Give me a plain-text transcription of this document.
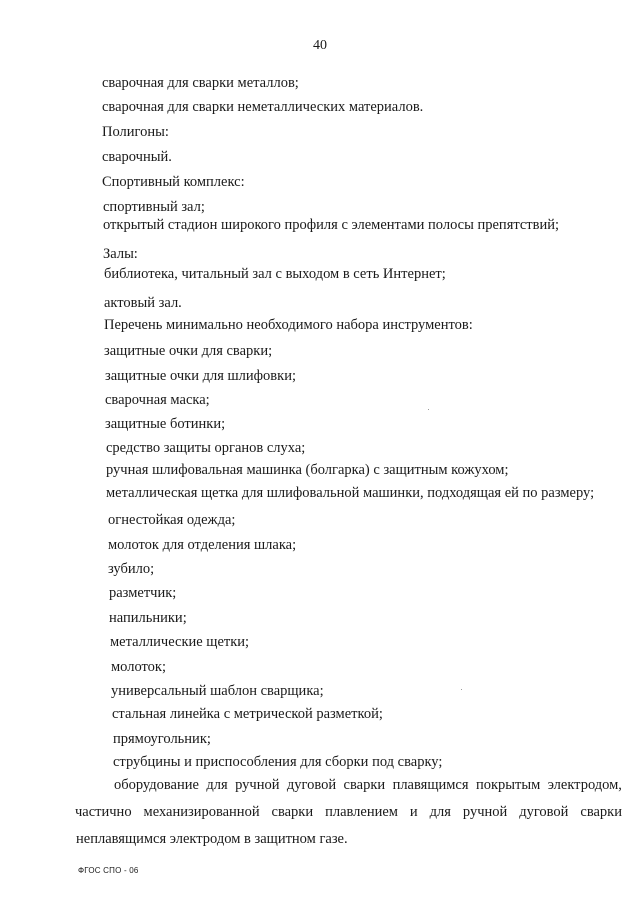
40
сварочная для сварки металлов;
сварочная для сварки неметаллических материалов.
Полигоны:
сварочный.
Спортивный комплекс:
спортивный зал;
открытый стадион широкого профиля с элементами полосы препятствий;
Залы:
библиотека, читальный зал с выходом в сеть Интернет;
актовый зал.
Перечень минимально необходимого набора инструментов:
защитные очки для сварки;
защитные очки для шлифовки;
сварочная маска;
защитные ботинки;
средство защиты органов слуха;
ручная шлифовальная машинка (болгарка) с защитным кожухом;
металлическая щетка для шлифовальной машинки, подходящая ей по размеру;
огнестойкая одежда;
молоток для отделения шлака;
зубило;
разметчик;
напильники;
металлические щетки;
молоток;
универсальный шаблон сварщика;
стальная линейка с метрической разметкой;
прямоугольник;
струбцины и приспособления для сборки под сварку;
оборудование для ручной дуговой сварки плавящимся покрытым электродом,
частично механизированной сварки плавлением и для ручной дуговой сварки
неплавящимся электродом в защитном газе.
ФГОС СПО - 06
